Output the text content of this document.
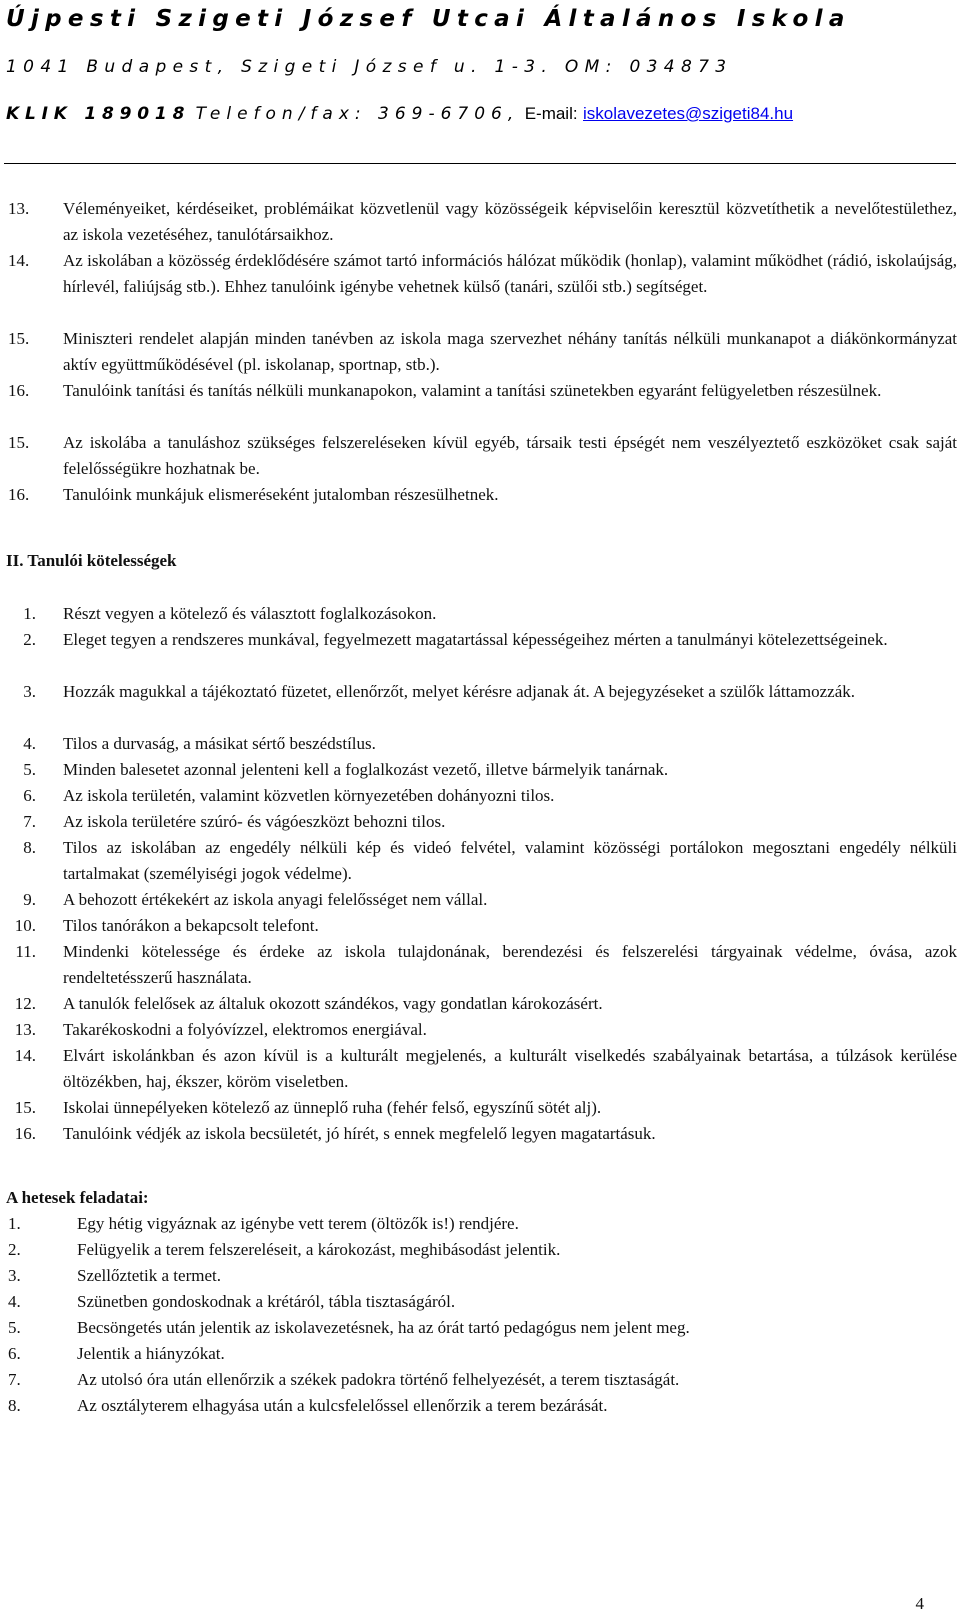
Újpesti Szigeti József Utcai Általános Iskola
1041 Budapest, Szigeti József u. 1-3. OM: 034873
KLIK 189018 Telefon/fax: 369-6706, E-mail: iskolavezetes@szigeti84.hu
13.	Véleményeiket, kérdéseiket, problémáikat közvetlenül vagy közösségeik képviselőin keresztül közvetíthetik a nevelőtestülethez, az iskola vezetéséhez, tanulótársaikhoz.
14.	Az iskolában a közösség érdeklődésére számot tartó információs hálózat működik (honlap), valamint működhet (rádió, iskolaújság, hírlevél, faliújság stb.). Ehhez tanulóink igénybe vehetnek külső (tanári, szülői stb.) segítséget.
15.	Miniszteri rendelet alapján minden tanévben az iskola maga szervezhet néhány tanítás nélküli munkanapot a diákönkormányzat aktív együttműködésével (pl. iskolanap, sportnap, stb.).
16.	Tanulóink tanítási és tanítás nélküli munkanapokon, valamint a tanítási szünetekben egyaránt felügyeletben részesülnek.
15.	Az iskolába a tanuláshoz szükséges felszereléseken kívül egyéb, társaik testi épségét nem veszélyeztető eszközöket csak saját felelősségükre hozhatnak be.
16.	Tanulóink munkájuk elismeréseként jutalomban részesülhetnek.
II. Tanulói kötelességek
1. Részt vegyen a kötelező és választott foglalkozásokon.
2. Eleget tegyen a rendszeres munkával, fegyelmezett magatartással képességeihez mérten a tanulmányi kötelezettségeinek.
3. Hozzák magukkal a tájékoztató füzetet, ellenőrzőt, melyet kérésre adjanak át. A bejegyzéseket a szülők láttamozzák.
4. Tilos a durvaság, a másikat sértő beszédstílus.
5. Minden balesetet azonnal jelenteni kell a foglalkozást vezető, illetve bármelyik tanárnak.
6. Az iskola területén, valamint közvetlen környezetében dohányozni tilos.
7. Az iskola területére szúró- és vágóeszközt behozni tilos.
8. Tilos az iskolában az engedély nélküli kép és videó felvétel, valamint közösségi portálokon megosztani engedély nélküli tartalmakat (személyiségi jogok védelme).
9. A behozott értékekért az iskola anyagi felelősséget nem vállal.
10. Tilos tanórákon a bekapcsolt telefont.
11. Mindenki kötelessége és érdeke az iskola tulajdonának, berendezési és felszerelési tárgyainak védelme, óvása, azok rendeltetésszerű használata.
12. A tanulók felelősek az általuk okozott szándékos, vagy gondatlan károkozásért.
13. Takarékoskodni a folyóvízzel, elektromos energiával.
14. Elvárt iskolánkban és azon kívül is a kulturált megjelenés, a kulturált viselkedés szabályainak betartása, a túlzások kerülése öltözékben, haj, ékszer, köröm viseletben.
15. Iskolai ünnepélyeken kötelező az ünneplő ruha (fehér felső, egyszínű sötét alj).
16. Tanulóink védjék az iskola becsületét, jó hírét, s ennek megfelelő legyen magatartásuk.
A hetesek feladatai:
1.	Egy hétig vigyáznak az igénybe vett terem (öltözők is!) rendjére.
2.	Felügyelik a terem felszereléseit, a károkozást, meghibásodást jelentik.
3.	Szellőztetik a termet.
4.	Szünetben gondoskodnak a krétáról, tábla tisztaságáról.
5.	Becsöngetés után jelentik az iskolavezetésnek, ha az órát tartó pedagógus nem jelent meg.
6.	Jelentik a hiányzókat.
7.	Az utolsó óra után ellenőrzik a székek padokra történő felhelyezését, a terem tisztaságát.
8.	Az osztályterem elhagyása után a kulcsfelelőssel ellenőrzik a terem bezárását.
4
